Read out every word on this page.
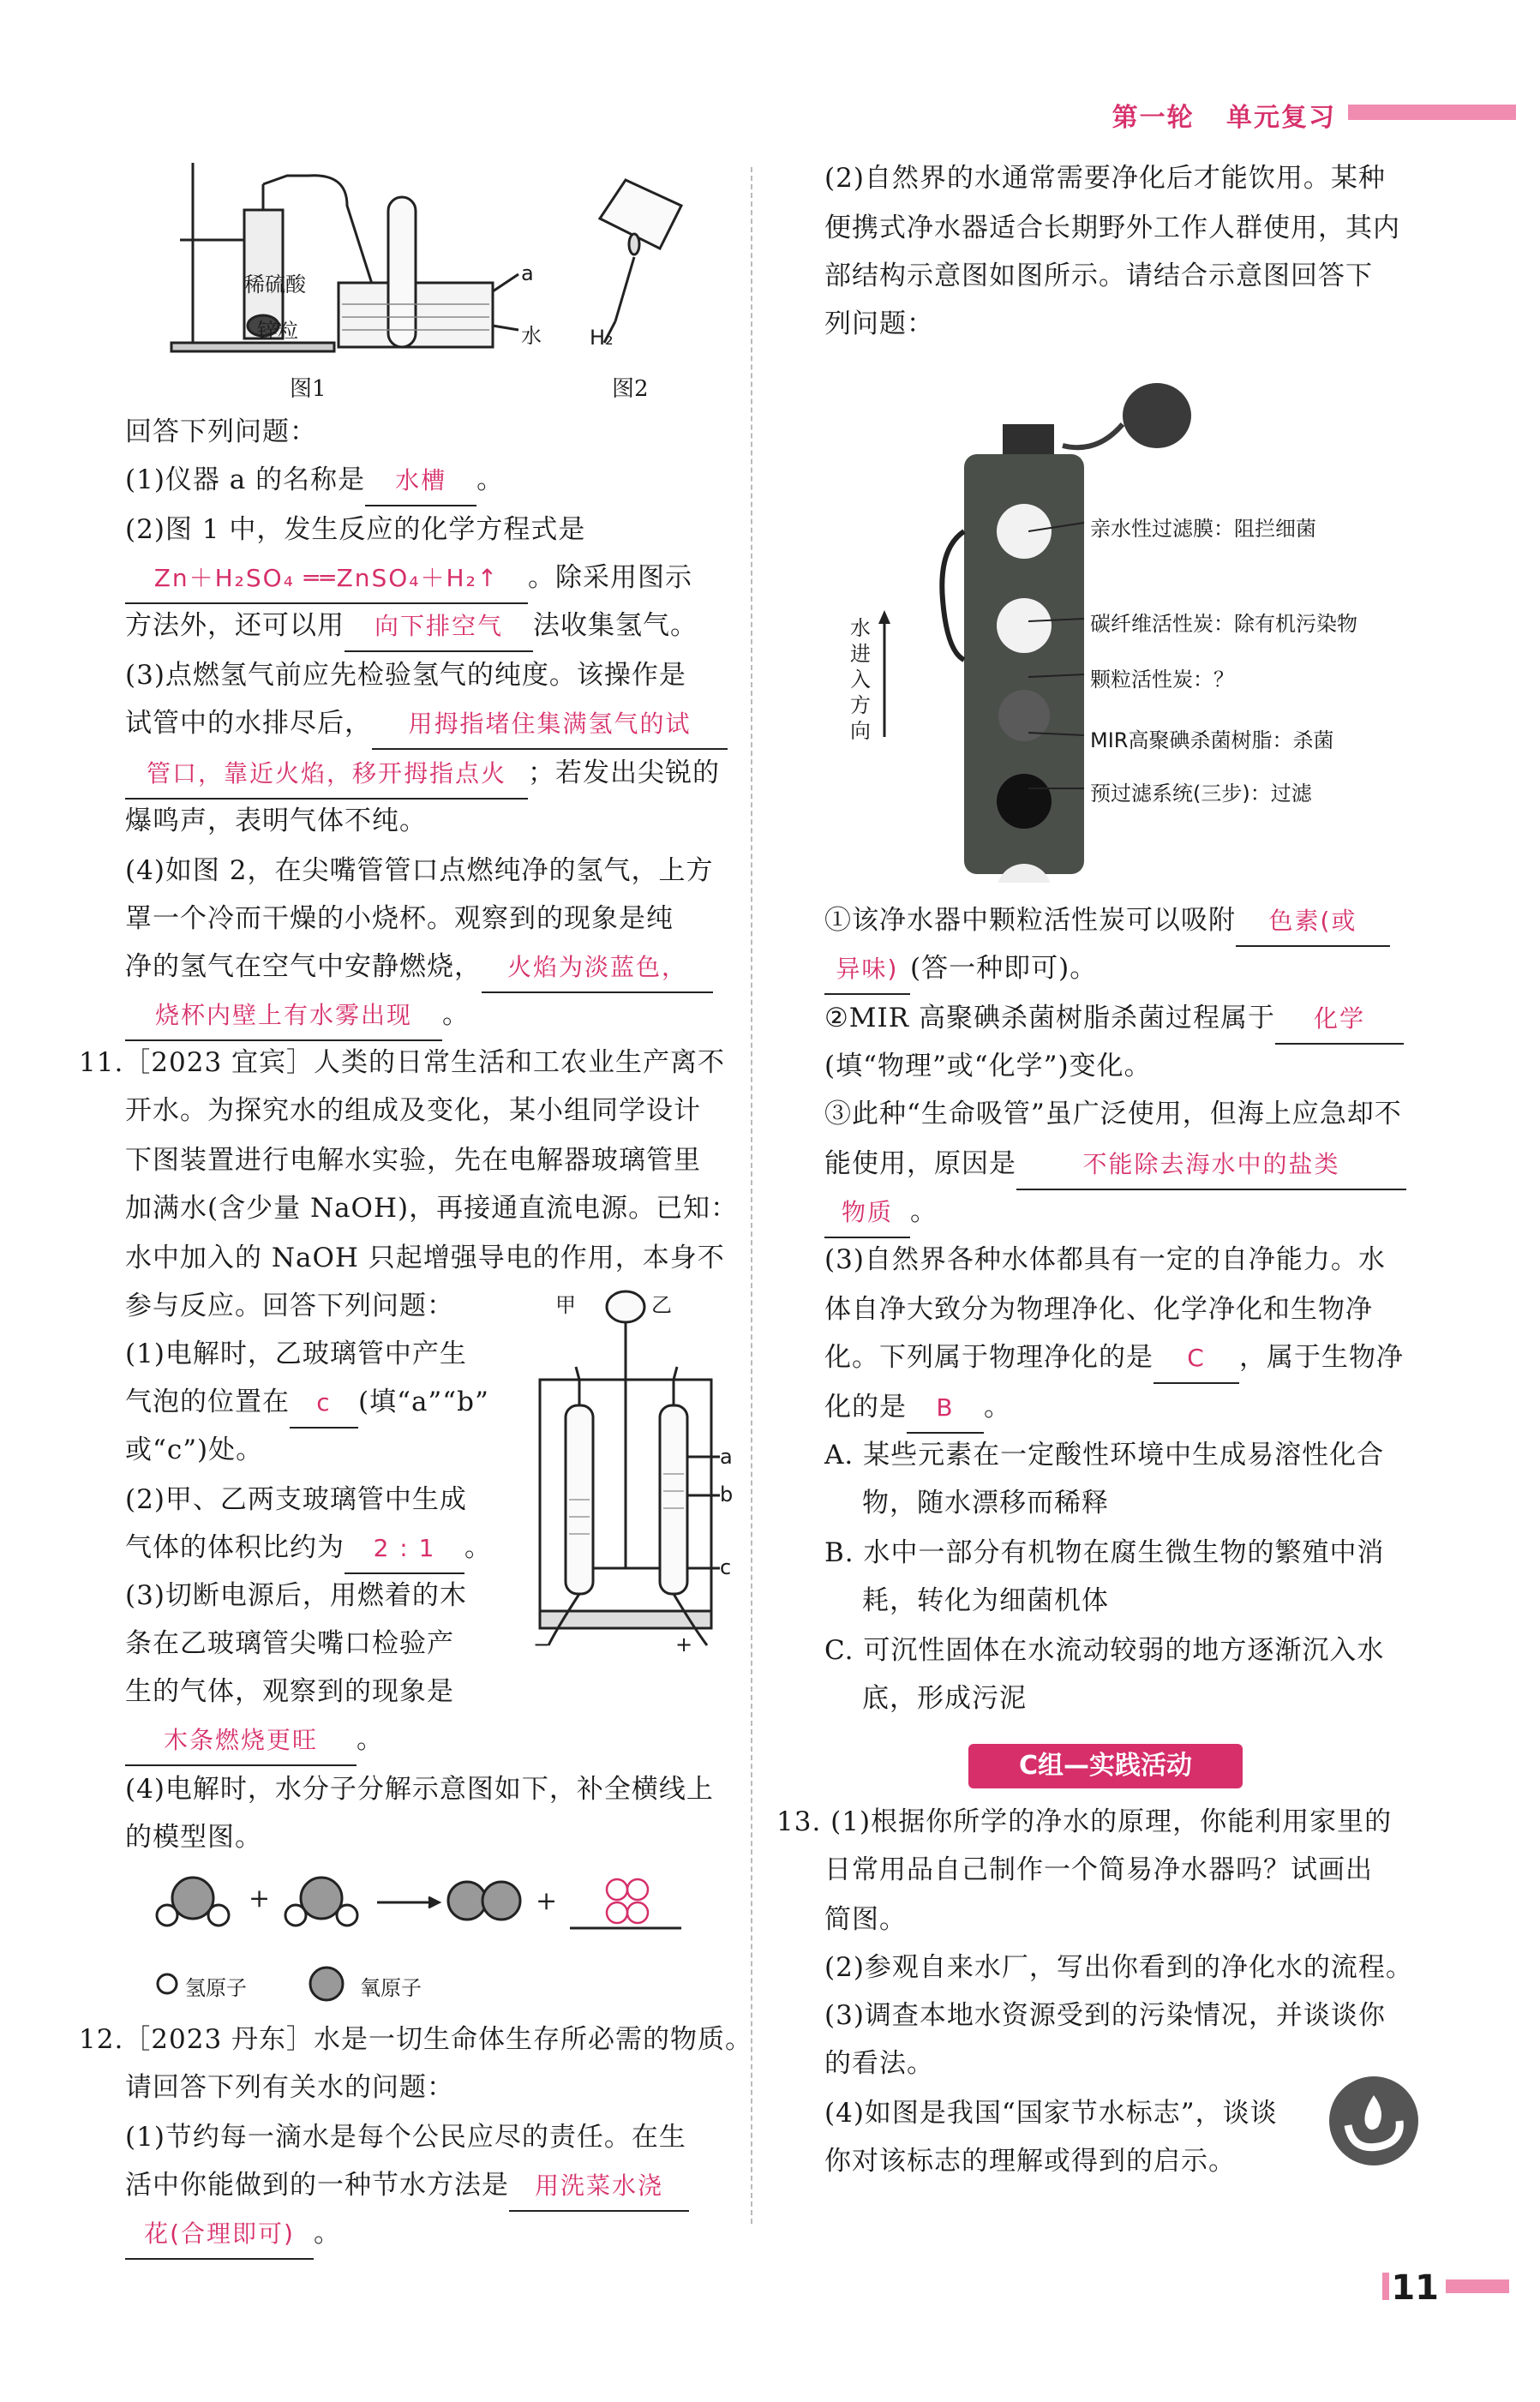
第一轮 单元复习
稀硫酸
锌粒
a
水
图1
H₂
图2
回答下列问题：
(1)仪器 a 的名称是 水槽 。
(2)图 1 中，发生反应的化学方程式是
Zn＋H₂SO₄ ══ZnSO₄＋H₂↑ 。除采用图示
方法外，还可以用 向下排空气 法收集氢气。
(3)点燃氢气前应先检验氢气的纯度。该操作是
试管中的水排尽后， 用拇指堵住集满氢气的试
管口，靠近火焰，移开拇指点火 ；若发出尖锐的
爆鸣声，表明气体不纯。
(4)如图 2，在尖嘴管管口点燃纯净的氢气，上方
罩一个冷而干燥的小烧杯。观察到的现象是纯
净的氢气在空气中安静燃烧， 火焰为淡蓝色，
烧杯内壁上有水雾出现 。
11.［2023 宜宾］人类的日常生活和工农业生产离不
开水。为探究水的组成及变化，某小组同学设计
下图装置进行电解水实验，先在电解器玻璃管里
加满水(含少量 NaOH)，再接通直流电源。已知：
水中加入的 NaOH 只起增强导电的作用，本身不
参与反应。回答下列问题：
(1)电解时，乙玻璃管中产生
气泡的位置在 c (填“a”“b”
或“c”)处。
(2)甲、乙两支玻璃管中生成
气体的体积比约为 2 : 1 。
(3)切断电源后，用燃着的木
条在乙玻璃管尖嘴口检验产
生的气体，观察到的现象是
木条燃烧更旺 。
(4)电解时，水分子分解示意图如下，补全横线上
的模型图。
甲	乙
a
b
c
−	+
+	+
氢原子	氧原子
12.［2023 丹东］水是一切生命体生存所必需的物质。
请回答下列有关水的问题：
(1)节约每一滴水是每个公民应尽的责任。在生
活中你能做到的一种节水方法是 用洗菜水浇
花(合理即可) 。
(2)自然界的水通常需要净化后才能饮用。某种
便携式净水器适合长期野外工作人群使用，其内
部结构示意图如图所示。请结合示意图回答下
列问题：
亲水性过滤膜：阻拦细菌
碳纤维活性炭：除有机污染物
颗粒活性炭：？
MIR高聚碘杀菌树脂：杀菌
预过滤系统(三步)：过滤
水进入方向
①该净水器中颗粒活性炭可以吸附 色素(或
异味) (答一种即可)。
②MIR 高聚碘杀菌树脂杀菌过程属于 化学
(填“物理”或“化学”)变化。
③此种“生命吸管”虽广泛使用，但海上应急却不
能使用，原因是	不能除去海水中的盐类
物质 。
(3)自然界各种水体都具有一定的自净能力。水
体自净大致分为物理净化、化学净化和生物净
化。下列属于物理净化的是 C ，属于生物净
化的是 B 。
A. 某些元素在一定酸性环境中生成易溶性化合
物，随水漂移而稀释
B. 水中一部分有机物在腐生微生物的繁殖中消
耗，转化为细菌机体
C. 可沉性固体在水流动较弱的地方逐渐沉入水
底，形成污泥
C组—实践活动
13. (1)根据你所学的净水的原理，你能利用家里的
日常用品自己制作一个简易净水器吗？试画出
简图。
(2)参观自来水厂，写出你看到的净化水的流程。
(3)调查本地水资源受到的污染情况，并谈谈你
的看法。
(4)如图是我国“国家节水标志”，谈谈
你对该标志的理解或得到的启示。
11
